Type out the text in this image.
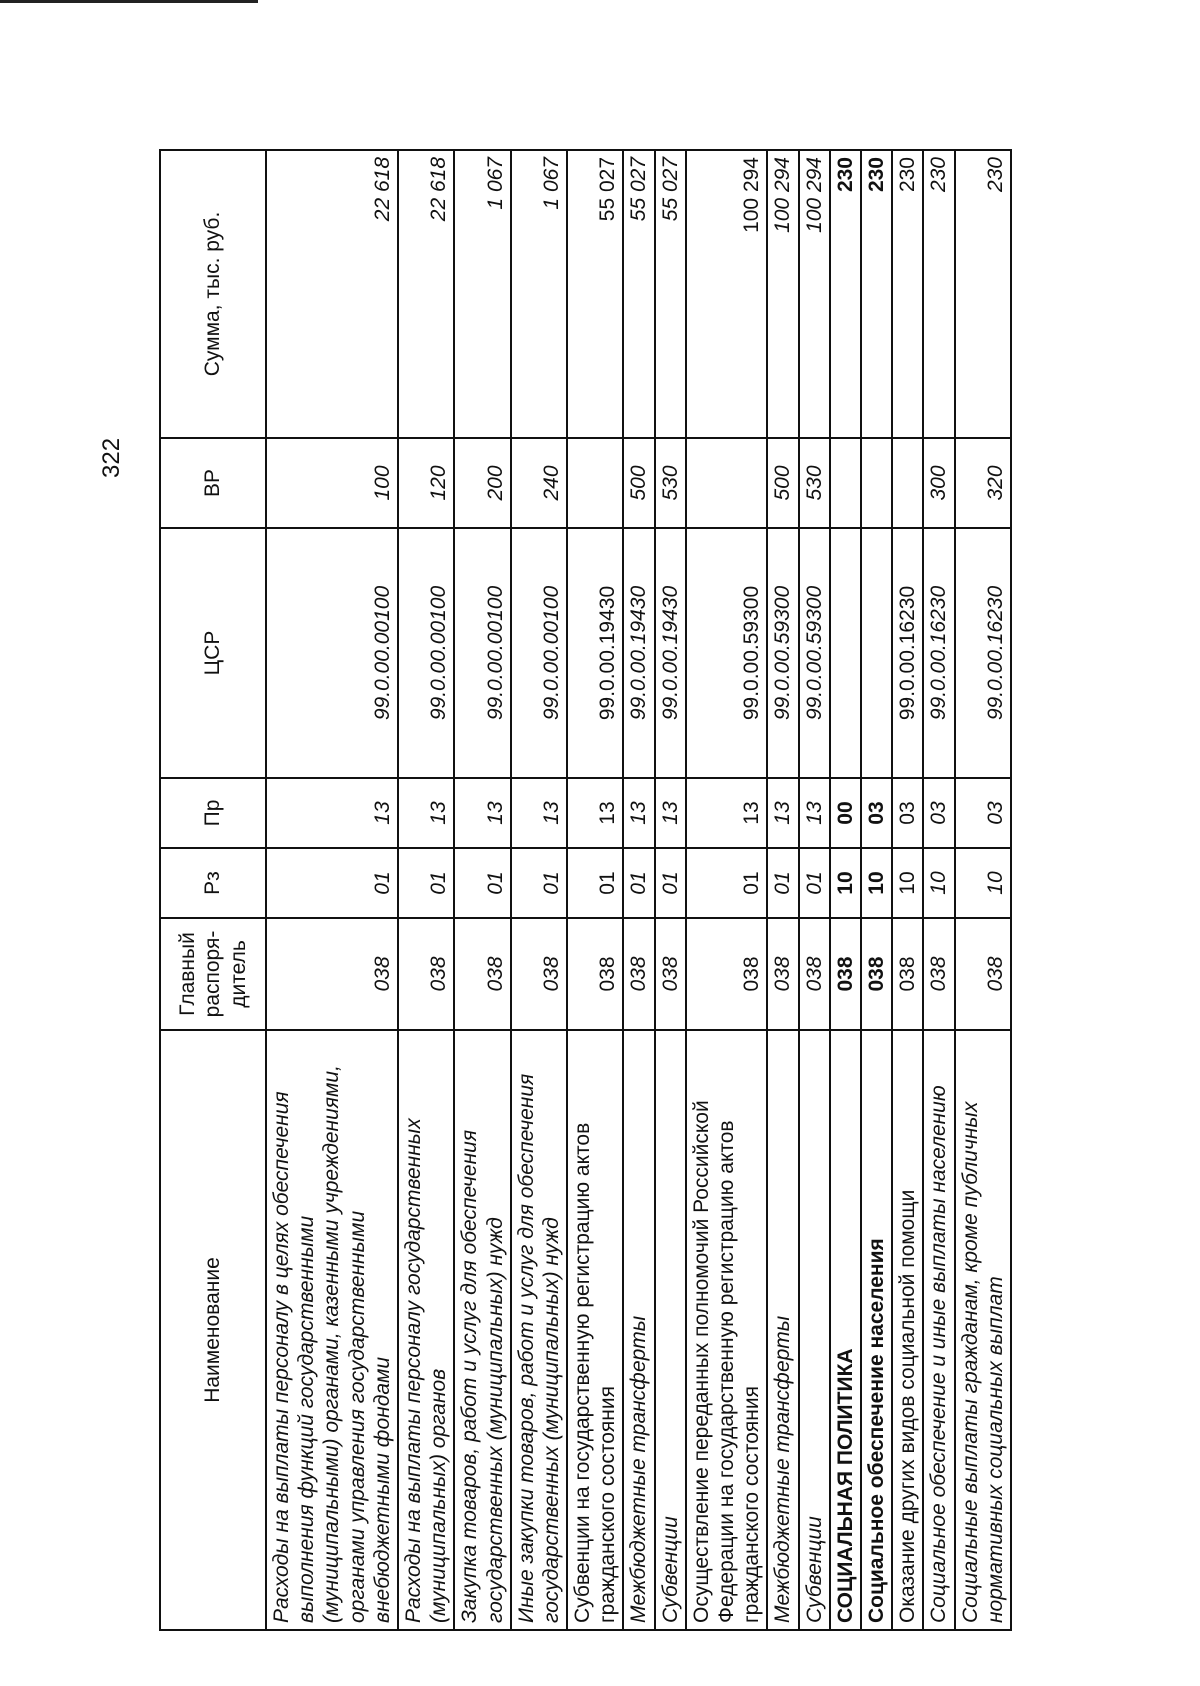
322
Наименование	Главный распоря-дитель	Рз	Пр	ЦСР	ВР	Сумма, тыс. руб.
Расходы на выплаты персоналу в целях обеспечения выполнения функций государственными (муниципальными) органами, казенными учреждениями, органами управления государственными внебюджетными фондами	038	01	13	99.0.00.00100	100	22 618
Расходы на выплаты персоналу государственных (муниципальных) органов	038	01	13	99.0.00.00100	120	22 618
Закупка товаров, работ и услуг для обеспечения государственных (муниципальных) нужд	038	01	13	99.0.00.00100	200	1 067
Иные закупки товаров, работ и услуг для обеспечения государственных (муниципальных) нужд	038	01	13	99.0.00.00100	240	1 067
Субвенции на государственную регистрацию актов гражданского состояния	038	01	13	99.0.00.19430		55 027
Межбюджетные трансферты	038	01	13	99.0.00.19430	500	55 027
Субвенции	038	01	13	99.0.00.19430	530	55 027
Осуществление переданных полномочий Российской Федерации на государственную регистрацию актов гражданского состояния	038	01	13	99.0.00.59300		100 294
Межбюджетные трансферты	038	01	13	99.0.00.59300	500	100 294
Субвенции	038	01	13	99.0.00.59300	530	100 294
СОЦИАЛЬНАЯ ПОЛИТИКА	038	10	00			230
Социальное обеспечение населения	038	10	03			230
Оказание других видов социальной помощи	038	10	03	99.0.00.16230		230
Социальное обеспечение и иные выплаты населению	038	10	03	99.0.00.16230	300	230
Социальные выплаты гражданам, кроме публичных нормативных социальных выплат	038	10	03	99.0.00.16230	320	230
